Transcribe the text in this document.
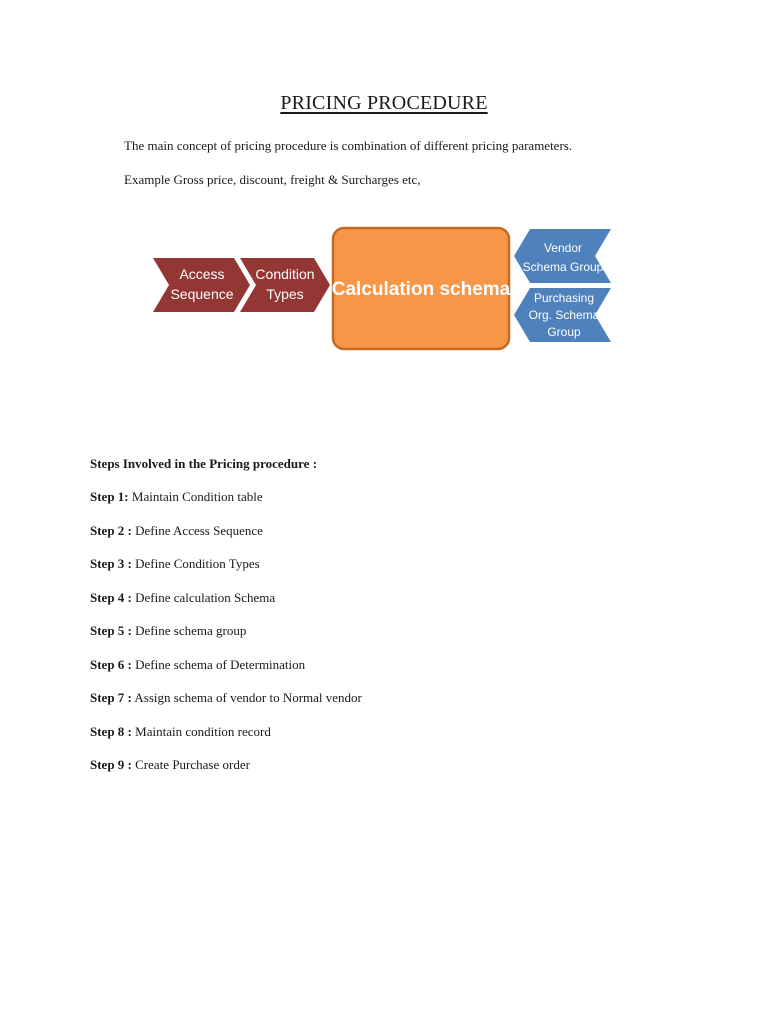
PRICING PROCEDURE
The main concept of pricing procedure is combination of different pricing parameters.
Example Gross price, discount, freight & Surcharges etc,
Access
Sequence
Condition
Types Calculation schema
Vendor
Schema Group
Purchasing
Org. Schema
Group
Steps Involved in the Pricing procedure :
Step 1: Maintain Condition table
Step 2 : Define Access Sequence
Step 3 : Define Condition Types
Step 4 : Define calculation Schema
Step 5 : Define schema group
Step 6 : Define schema of Determination
Step 7 : Assign schema of vendor to Normal vendor
Step 8 : Maintain condition record
Step 9 : Create Purchase order
